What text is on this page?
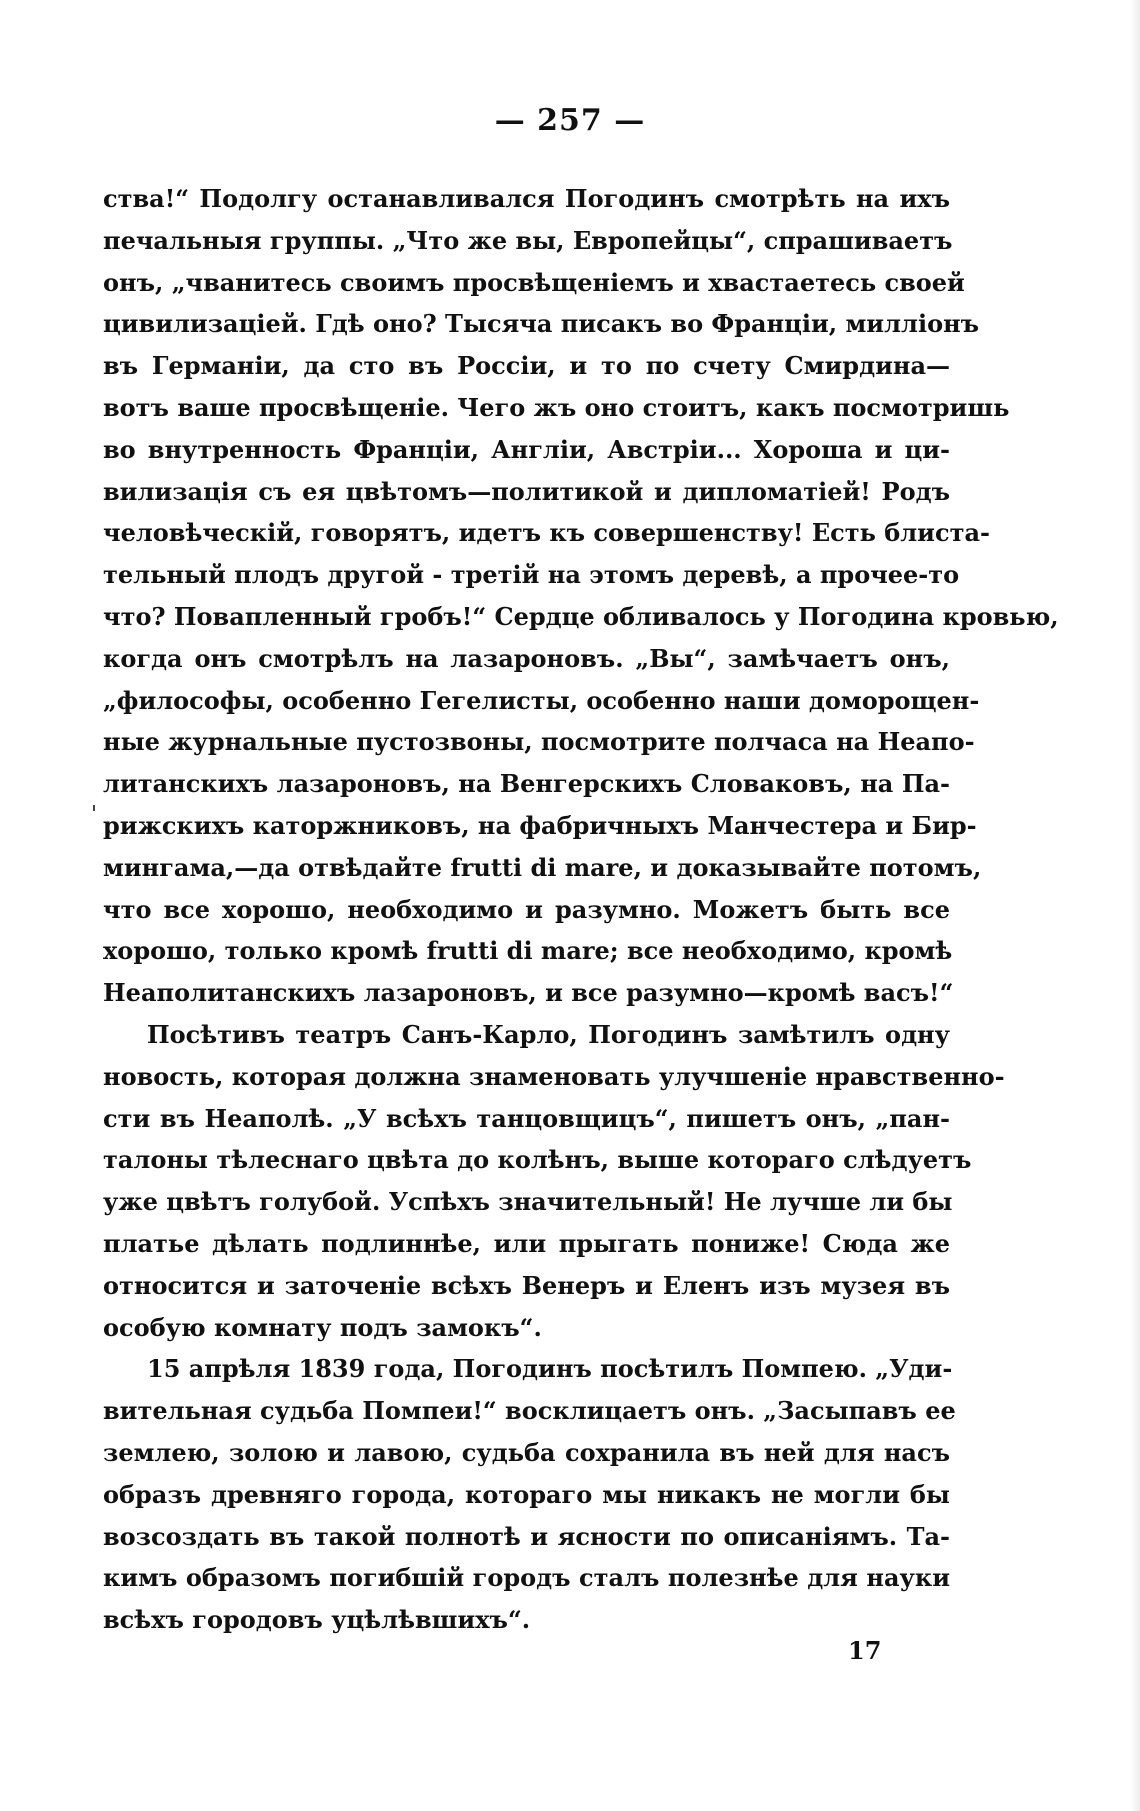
— 257 —
ства!“ Подолгу останавливался Погодинъ смотрѣть на ихъ
печальныя группы. „Что же вы, Европейцы“, спрашиваетъ
онъ, „чванитесь своимъ просвѣщеніемъ и хвастаетесь своей
цивилизаціей. Гдѣ оно? Тысяча писакъ во Франціи, милліонъ
въ Германіи, да сто въ Россіи, и то по счету Смирдина—
вотъ ваше просвѣщеніе. Чего жъ оно стоитъ, какъ посмотришь
во внутренность Франціи, Англіи, Австріи... Хороша и ци-
вилизація съ ея цвѣтомъ—политикой и дипломатіей! Родъ
человѣческій, говорятъ, идетъ къ совершенству! Есть блиста-
тельный плодъ другой - третій на этомъ деревѣ, а прочее-то
что? Повапленный гробъ!“ Сердце обливалось у Погодина кровью,
когда онъ смотрѣлъ на лазароновъ. „Вы“, замѣчаетъ онъ,
„философы, особенно Гегелисты, особенно наши доморощен-
ные журнальные пустозвоны, посмотрите полчаса на Неапо-
литанскихъ лазароновъ, на Венгерскихъ Словаковъ, на Па-
рижскихъ каторжниковъ, на фабричныхъ Манчестера и Бир-
мингама,—да отвѣдайте frutti di mare, и доказывайте потомъ,
что все хорошо, необходимо и разумно. Можетъ быть все
хорошо, только кромѣ frutti di mare; все необходимо, кромѣ
Неаполитанскихъ лазароновъ, и все разумно—кромѣ васъ!“
Посѣтивъ театръ Санъ-Карло, Погодинъ замѣтилъ одну
новость, которая должна знаменовать улучшеніе нравственно-
сти въ Неаполѣ. „У всѣхъ танцовщицъ“, пишетъ онъ, „пан-
талоны тѣлеснаго цвѣта до колѣнъ, выше котораго слѣдуетъ
уже цвѣтъ голубой. Успѣхъ значительный! Не лучше ли бы
платье дѣлать подлиннѣе, или прыгать пониже! Сюда же
относится и заточеніе всѣхъ Венеръ и Еленъ изъ музея въ
особую комнату подъ замокъ“.
15 апрѣля 1839 года, Погодинъ посѣтилъ Помпею. „Уди-
вительная судьба Помпеи!“ восклицаетъ онъ. „Засыпавъ ее
землею, золою и лавою, судьба сохранила въ ней для насъ
образъ древняго города, котораго мы никакъ не могли бы
возсоздать въ такой полнотѣ и ясности по описаніямъ. Та-
кимъ образомъ погибшій городъ сталъ полезнѣе для науки
всѣхъ городовъ уцѣлѣвшихъ“.
17
